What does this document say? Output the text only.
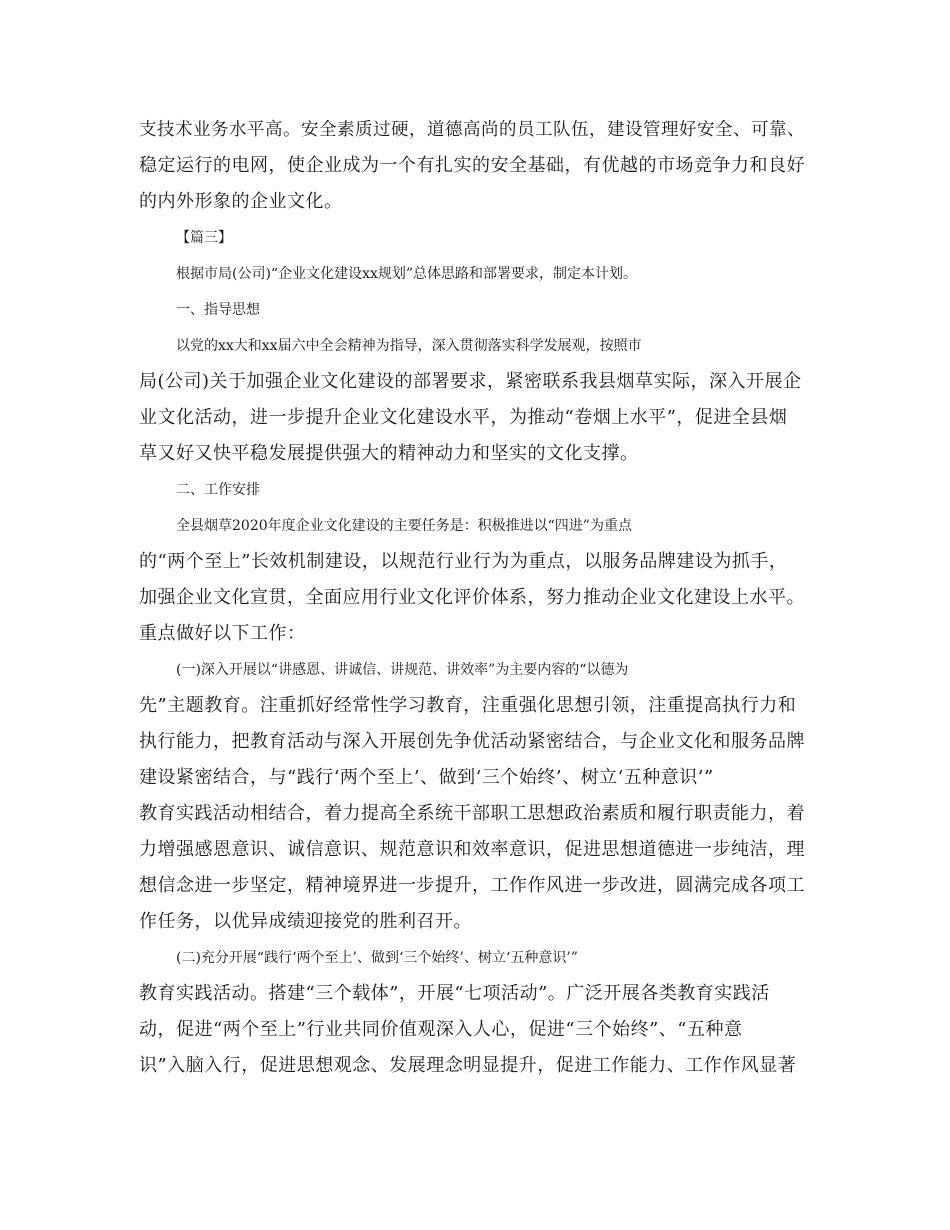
支技术业务水平高。安全素质过硬，道德高尚的员工队伍，建设管理好安全、可靠、
稳定运行的电网，使企业成为一个有扎实的安全基础，有优越的市场竞争力和良好
的内外形象的企业文化。
【篇三】
根据市局(公司)“企业文化建设xx规划”总体思路和部署要求，制定本计划。
一、指导思想
以党的xx大和xx届六中全会精神为指导，深入贯彻落实科学发展观，按照市
局(公司)关于加强企业文化建设的部署要求，紧密联系我县烟草实际，深入开展企
业文化活动，进一步提升企业文化建设水平，为推动“卷烟上水平”，促进全县烟
草又好又快平稳发展提供强大的精神动力和坚实的文化支撑。
二、工作安排
全县烟草2020年度企业文化建设的主要任务是：积极推进以“四进”为重点
的“两个至上”长效机制建设，以规范行业行为为重点，以服务品牌建设为抓手，
加强企业文化宣贯，全面应用行业文化评价体系，努力推动企业文化建设上水平。
重点做好以下工作：
(一)深入开展以“讲感恩、讲诚信、讲规范、讲效率”为主要内容的“以德为
先”主题教育。注重抓好经常性学习教育，注重强化思想引领，注重提高执行力和
执行能力，把教育活动与深入开展创先争优活动紧密结合，与企业文化和服务品牌
建设紧密结合，与“践行‘两个至上’、做到‘三个始终’、树立‘五种意识’”
教育实践活动相结合，着力提高全系统干部职工思想政治素质和履行职责能力，着
力增强感恩意识、诚信意识、规范意识和效率意识，促进思想道德进一步纯洁，理
想信念进一步坚定，精神境界进一步提升，工作作风进一步改进，圆满完成各项工
作任务，以优异成绩迎接党的胜利召开。
(二)充分开展“践行‘两个至上’、做到‘三个始终’、树立‘五种意识’”
教育实践活动。搭建“三个载体”，开展“七项活动”。广泛开展各类教育实践活
动，促进“两个至上”行业共同价值观深入人心，促进“三个始终”、“五种意
识”入脑入行，促进思想观念、发展理念明显提升，促进工作能力、工作作风显著
